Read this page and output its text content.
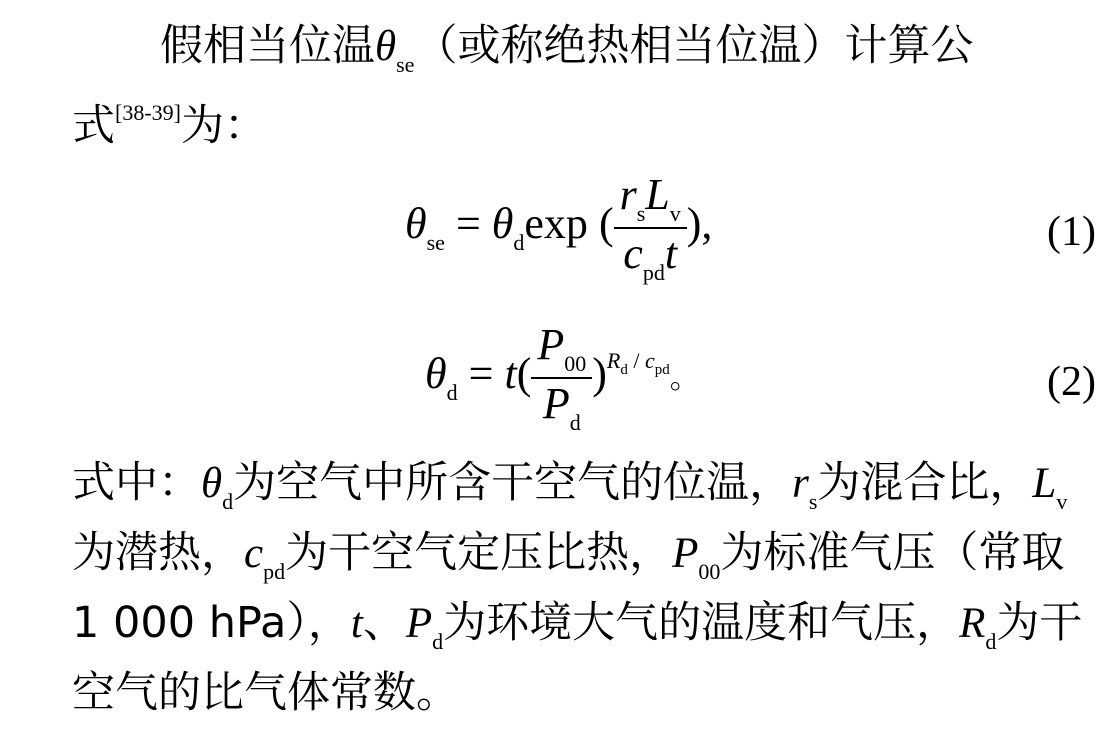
假相当位温$\theta_{se}$（或称绝热相当位温）计算公
式[38-39]为：
$\theta_{se} = \theta_d\exp$ ( $\frac{r_sL_v}{c_{pd}t}$ ),	(1)
$\theta_d = t( \frac{P_{00}}{P_d} )^{R_d / c_{pd}}$。	(2)
式中：$\theta_d$为空气中所含干空气的位温，$r_s$为混合比，$L_v$
为潜热，$c_{pd}$为干空气定压比热，$P_{00}$为标准气压（常取
1 000 hPa），t、$P_d$为环境大气的温度和气压，$R_d$为干
空气的比气体常数。
